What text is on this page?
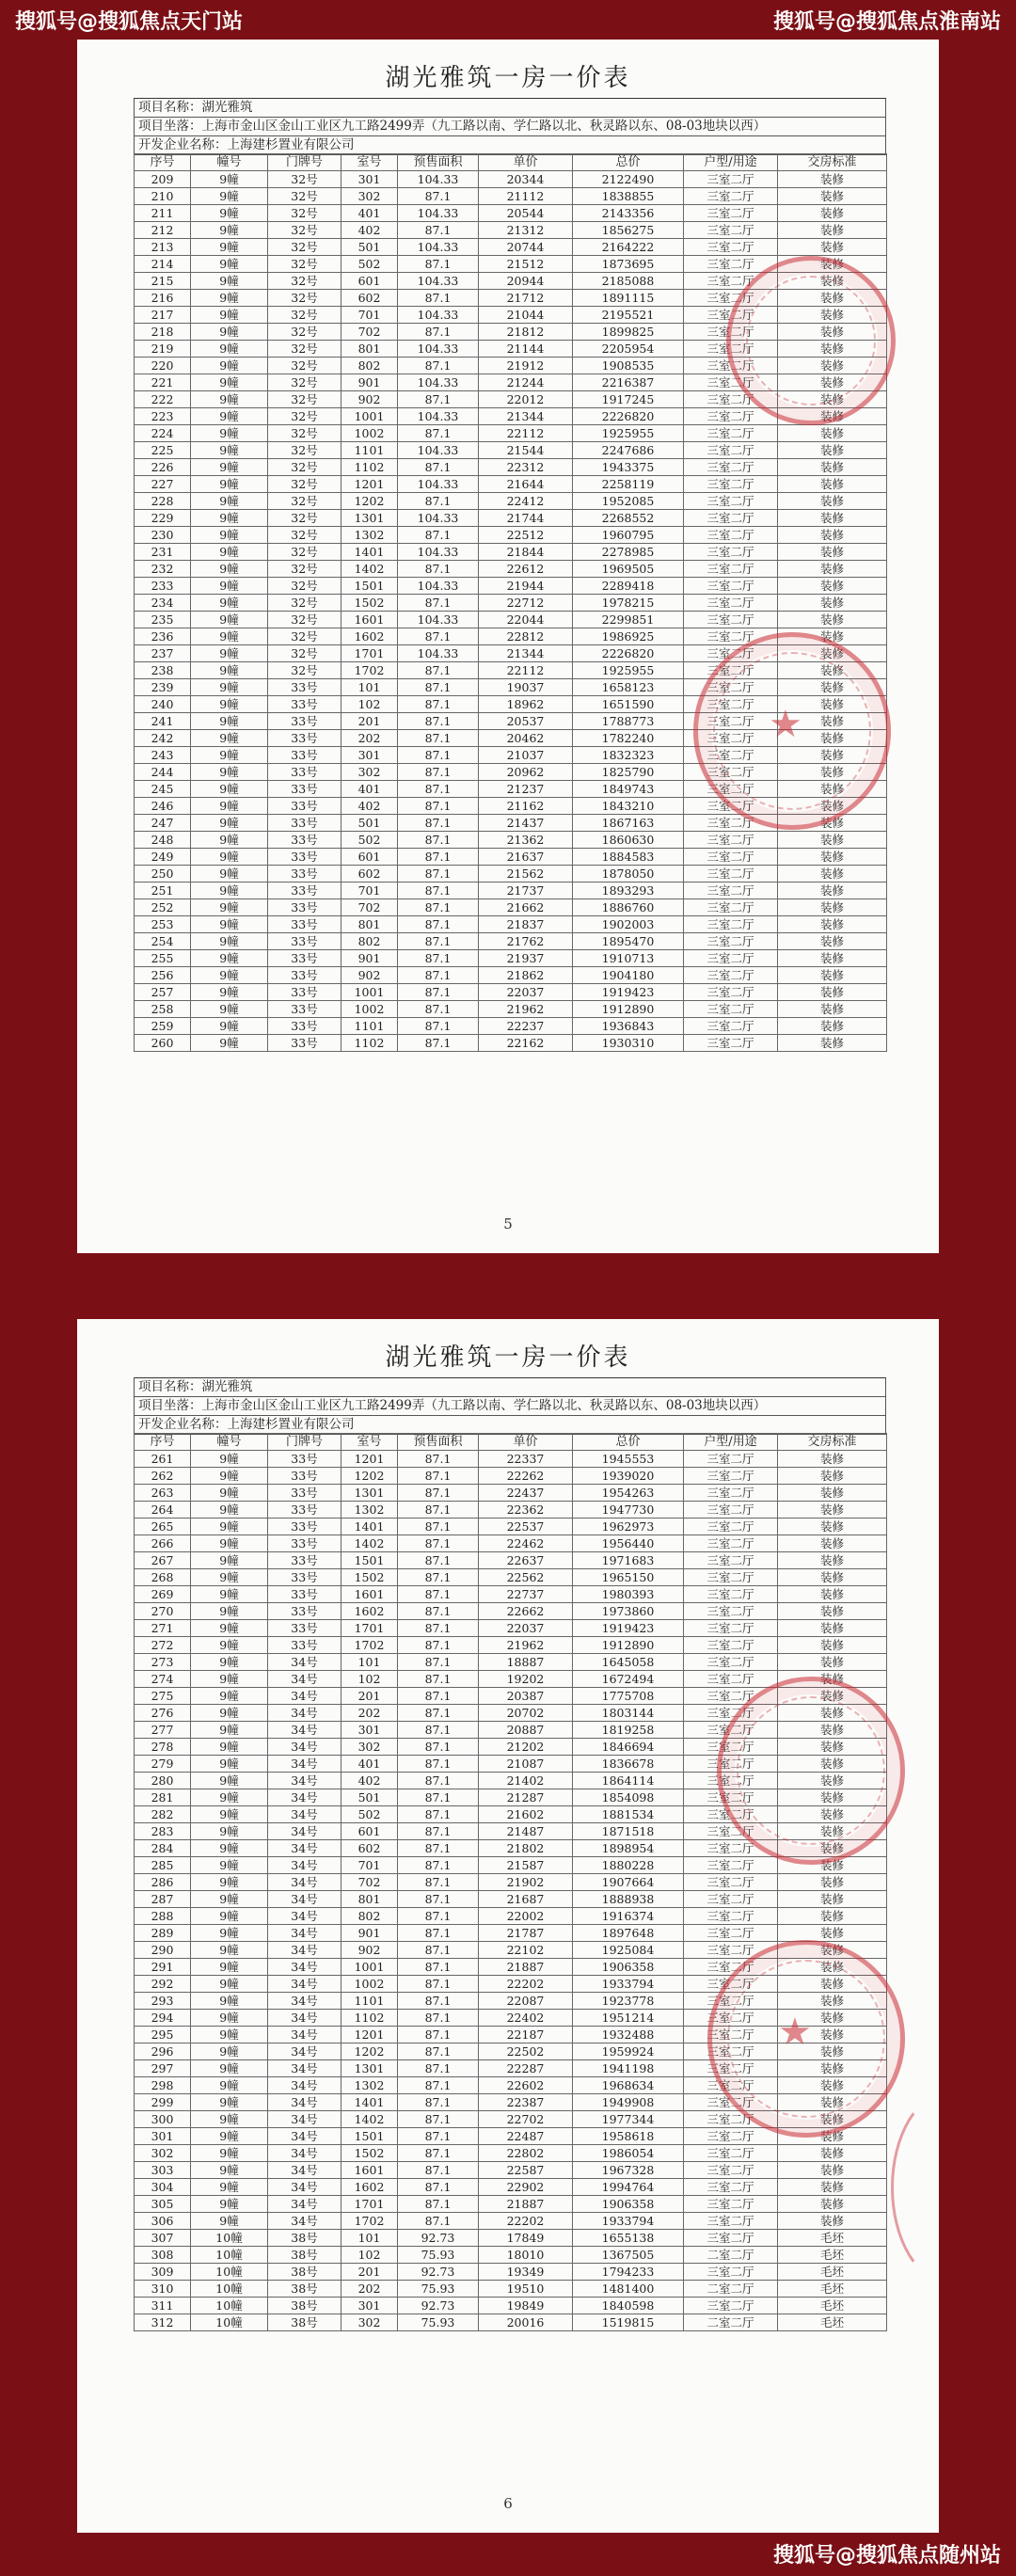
搜狐号@搜狐焦点天门站	搜狐号@搜狐焦点淮南站
搜狐号@搜狐焦点随州站
湖光雅筑一房一价表
项目名称：湖光雅筑
项目坐落：上海市金山区金山工业区九工路2499弄（九工路以南、学仁路以北、秋灵路以东、08-03地块以西）
开发企业名称：上海建杉置业有限公司
序号	幢号	门牌号	室号	预售面积	单价	总价	户型/用途	交房标准
209	9幢	32号	301	104.33	20344	2122490	三室二厅	装修
210	9幢	32号	302	87.1	21112	1838855	三室二厅	装修
211	9幢	32号	401	104.33	20544	2143356	三室二厅	装修
212	9幢	32号	402	87.1	21312	1856275	三室二厅	装修
213	9幢	32号	501	104.33	20744	2164222	三室二厅	装修
214	9幢	32号	502	87.1	21512	1873695	三室二厅	装修
215	9幢	32号	601	104.33	20944	2185088	三室二厅	装修
216	9幢	32号	602	87.1	21712	1891115	三室二厅	装修
217	9幢	32号	701	104.33	21044	2195521	三室二厅	装修
218	9幢	32号	702	87.1	21812	1899825	三室二厅	装修
219	9幢	32号	801	104.33	21144	2205954	三室二厅	装修
220	9幢	32号	802	87.1	21912	1908535	三室二厅	装修
221	9幢	32号	901	104.33	21244	2216387	三室二厅	装修
222	9幢	32号	902	87.1	22012	1917245	三室二厅	装修
223	9幢	32号	1001	104.33	21344	2226820	三室二厅	装修
224	9幢	32号	1002	87.1	22112	1925955	三室二厅	装修
225	9幢	32号	1101	104.33	21544	2247686	三室二厅	装修
226	9幢	32号	1102	87.1	22312	1943375	三室二厅	装修
227	9幢	32号	1201	104.33	21644	2258119	三室二厅	装修
228	9幢	32号	1202	87.1	22412	1952085	三室二厅	装修
229	9幢	32号	1301	104.33	21744	2268552	三室二厅	装修
230	9幢	32号	1302	87.1	22512	1960795	三室二厅	装修
231	9幢	32号	1401	104.33	21844	2278985	三室二厅	装修
232	9幢	32号	1402	87.1	22612	1969505	三室二厅	装修
233	9幢	32号	1501	104.33	21944	2289418	三室二厅	装修
234	9幢	32号	1502	87.1	22712	1978215	三室二厅	装修
235	9幢	32号	1601	104.33	22044	2299851	三室二厅	装修
236	9幢	32号	1602	87.1	22812	1986925	三室二厅	装修
237	9幢	32号	1701	104.33	21344	2226820	三室二厅	装修
238	9幢	32号	1702	87.1	22112	1925955	三室二厅	装修
239	9幢	33号	101	87.1	19037	1658123	三室二厅	装修
240	9幢	33号	102	87.1	18962	1651590	三室二厅	装修
241	9幢	33号	201	87.1	20537	1788773	三室二厅	装修
242	9幢	33号	202	87.1	20462	1782240	三室二厅	装修
243	9幢	33号	301	87.1	21037	1832323	三室二厅	装修
244	9幢	33号	302	87.1	20962	1825790	三室二厅	装修
245	9幢	33号	401	87.1	21237	1849743	三室二厅	装修
246	9幢	33号	402	87.1	21162	1843210	三室二厅	装修
247	9幢	33号	501	87.1	21437	1867163	三室二厅	装修
248	9幢	33号	502	87.1	21362	1860630	三室二厅	装修
249	9幢	33号	601	87.1	21637	1884583	三室二厅	装修
250	9幢	33号	602	87.1	21562	1878050	三室二厅	装修
251	9幢	33号	701	87.1	21737	1893293	三室二厅	装修
252	9幢	33号	702	87.1	21662	1886760	三室二厅	装修
253	9幢	33号	801	87.1	21837	1902003	三室二厅	装修
254	9幢	33号	802	87.1	21762	1895470	三室二厅	装修
255	9幢	33号	901	87.1	21937	1910713	三室二厅	装修
256	9幢	33号	902	87.1	21862	1904180	三室二厅	装修
257	9幢	33号	1001	87.1	22037	1919423	三室二厅	装修
258	9幢	33号	1002	87.1	21962	1912890	三室二厅	装修
259	9幢	33号	1101	87.1	22237	1936843	三室二厅	装修
260	9幢	33号	1102	87.1	22162	1930310	三室二厅	装修
★
5
湖光雅筑一房一价表
项目名称：湖光雅筑
项目坐落：上海市金山区金山工业区九工路2499弄（九工路以南、学仁路以北、秋灵路以东、08-03地块以西）
开发企业名称：上海建杉置业有限公司
序号	幢号	门牌号	室号	预售面积	单价	总价	户型/用途	交房标准
261	9幢	33号	1201	87.1	22337	1945553	三室二厅	装修
262	9幢	33号	1202	87.1	22262	1939020	三室二厅	装修
263	9幢	33号	1301	87.1	22437	1954263	三室二厅	装修
264	9幢	33号	1302	87.1	22362	1947730	三室二厅	装修
265	9幢	33号	1401	87.1	22537	1962973	三室二厅	装修
266	9幢	33号	1402	87.1	22462	1956440	三室二厅	装修
267	9幢	33号	1501	87.1	22637	1971683	三室二厅	装修
268	9幢	33号	1502	87.1	22562	1965150	三室二厅	装修
269	9幢	33号	1601	87.1	22737	1980393	三室二厅	装修
270	9幢	33号	1602	87.1	22662	1973860	三室二厅	装修
271	9幢	33号	1701	87.1	22037	1919423	三室二厅	装修
272	9幢	33号	1702	87.1	21962	1912890	三室二厅	装修
273	9幢	34号	101	87.1	18887	1645058	三室二厅	装修
274	9幢	34号	102	87.1	19202	1672494	三室二厅	装修
275	9幢	34号	201	87.1	20387	1775708	三室二厅	装修
276	9幢	34号	202	87.1	20702	1803144	三室二厅	装修
277	9幢	34号	301	87.1	20887	1819258	三室二厅	装修
278	9幢	34号	302	87.1	21202	1846694	三室二厅	装修
279	9幢	34号	401	87.1	21087	1836678	三室二厅	装修
280	9幢	34号	402	87.1	21402	1864114	三室二厅	装修
281	9幢	34号	501	87.1	21287	1854098	三室二厅	装修
282	9幢	34号	502	87.1	21602	1881534	三室二厅	装修
283	9幢	34号	601	87.1	21487	1871518	三室二厅	装修
284	9幢	34号	602	87.1	21802	1898954	三室二厅	装修
285	9幢	34号	701	87.1	21587	1880228	三室二厅	装修
286	9幢	34号	702	87.1	21902	1907664	三室二厅	装修
287	9幢	34号	801	87.1	21687	1888938	三室二厅	装修
288	9幢	34号	802	87.1	22002	1916374	三室二厅	装修
289	9幢	34号	901	87.1	21787	1897648	三室二厅	装修
290	9幢	34号	902	87.1	22102	1925084	三室二厅	装修
291	9幢	34号	1001	87.1	21887	1906358	三室二厅	装修
292	9幢	34号	1002	87.1	22202	1933794	三室二厅	装修
293	9幢	34号	1101	87.1	22087	1923778	三室二厅	装修
294	9幢	34号	1102	87.1	22402	1951214	三室二厅	装修
295	9幢	34号	1201	87.1	22187	1932488	三室二厅	装修
296	9幢	34号	1202	87.1	22502	1959924	三室二厅	装修
297	9幢	34号	1301	87.1	22287	1941198	三室二厅	装修
298	9幢	34号	1302	87.1	22602	1968634	三室二厅	装修
299	9幢	34号	1401	87.1	22387	1949908	三室二厅	装修
300	9幢	34号	1402	87.1	22702	1977344	三室二厅	装修
301	9幢	34号	1501	87.1	22487	1958618	三室二厅	装修
302	9幢	34号	1502	87.1	22802	1986054	三室二厅	装修
303	9幢	34号	1601	87.1	22587	1967328	三室二厅	装修
304	9幢	34号	1602	87.1	22902	1994764	三室二厅	装修
305	9幢	34号	1701	87.1	21887	1906358	三室二厅	装修
306	9幢	34号	1702	87.1	22202	1933794	三室二厅	装修
307	10幢	38号	101	92.73	17849	1655138	三室二厅	毛坯
308	10幢	38号	102	75.93	18010	1367505	二室二厅	毛坯
309	10幢	38号	201	92.73	19349	1794233	三室二厅	毛坯
310	10幢	38号	202	75.93	19510	1481400	二室二厅	毛坯
311	10幢	38号	301	92.73	19849	1840598	三室二厅	毛坯
312	10幢	38号	302	75.93	20016	1519815	二室二厅	毛坯
★
6
